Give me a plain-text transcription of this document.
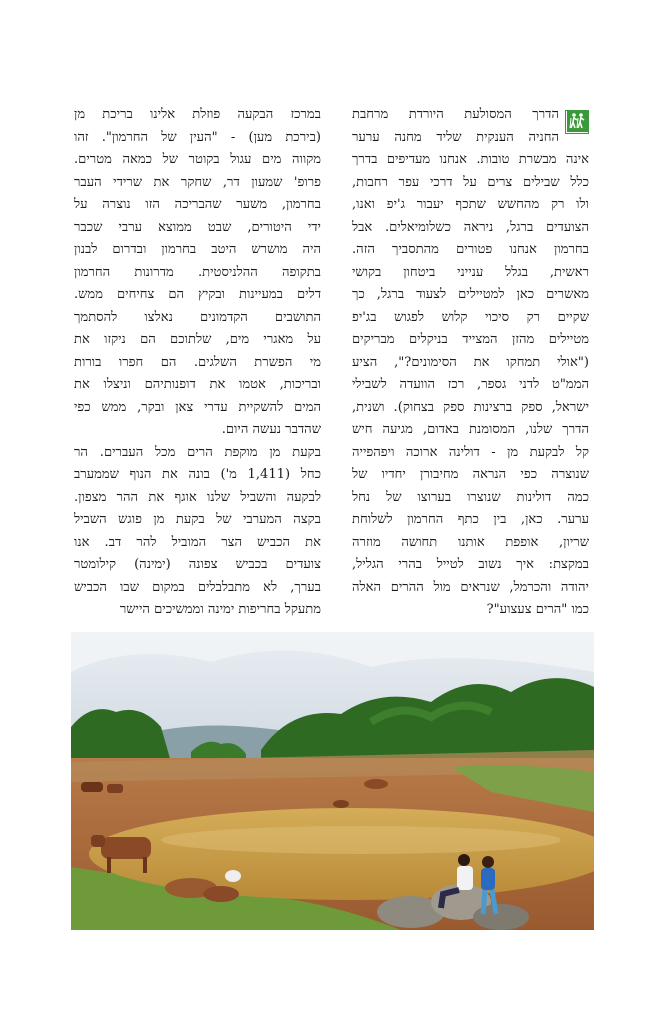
הדרך המסולעת היורדת מרחבת
החניה הענקית שליד מחנה ערער
אינה מבשרת טובות. אנחנו מעדיפים בדרך
כלל שבילים צרים על דרכי עפר רחבות,
ולו רק מהחשש שתכף יעבור ג'יפ ואנו,
הצועדים ברגל, ניראה כשלומיאלים. אבל
בחרמון אנחנו פטורים מהתסביך הזה.
ראשית, בגלל ענייני ביטחון בקושי
מאשרים כאן למטיילים לצעוד ברגל, כך
שקיים רק סיכוי קלוש לפגוש בג'יפ
מטיילים מהזן המצייד בניקלים מבריקים
("אולי תמחקו את הסימונים?", הציע
הממ"ט לדני גספר, רכז הוועדה לשבילי
ישראל, ספק ברצינות ספק בצחוק). ושנית,
הדרך שלנו, המסומנת באדום, מגיעה חיש
קל לבקעת מן - דולינה ארוכה ויפהפייה
שנוצרה כפי הנראה מחיבורן יחדיו של
כמה דולינות שנוצרו בערוצו של נחל
ערער. כאן, בין כתף החרמון לשלוחת
שריון, אופפת אותנו תחושה מוזרה
במקצת: איך נשוב לטייל בהרי הגליל,
יהודה והכרמל, שנראים מול ההרים האלה
כמו "הרים צעצוע"?
במרכז הבקעה פוזלת אלינו בריכת מן
(בירכת מען) - "העין של החרמון". זהו
מקווה מים עגול בקוטר של כמאה מטרים.
פרופ' שמעון דר, שחקר את שרידי העבר
בחרמון, משער שהבריכה הזו נוצרה על
ידי היטורים, שבט ממוצא ערבי שכבר
היה מושרש היטב בחרמון ובדרום לבנון
בתקופה ההלניסטית. מדרונות החרמון
דלים במעיינות ובקיץ הם צחיחים ממש.
התושבים הקדמונים נאלצו להסתמך
על מאגרי מים, שלתוכם הם ניקזו את
מי הפשרת השלגים. הם חפרו בורות
ובריכות, אטמו את דופנותיהם וניצלו את
המים להשקיית עדרי צאן ובקר, ממש כפי
שהדבר נעשה היום.
בקעת מן מוקפת הרים מכל העברים. הר
כחל (1,411 מ') בונה את הנוף שממערב
לבקעה והשביל שלנו אוגף את ההר מצפון.
בקצה המערבי של בקעת מן פוגש השביל
את הכביש הצר המוביל להר דב. אנו
צועדים בכביש צפונה (ימינה) קילומטר
בערך, לא מתבלבלים במקום שבו הכביש
מתעקל בחריפות ימינה וממשיכים היישר
